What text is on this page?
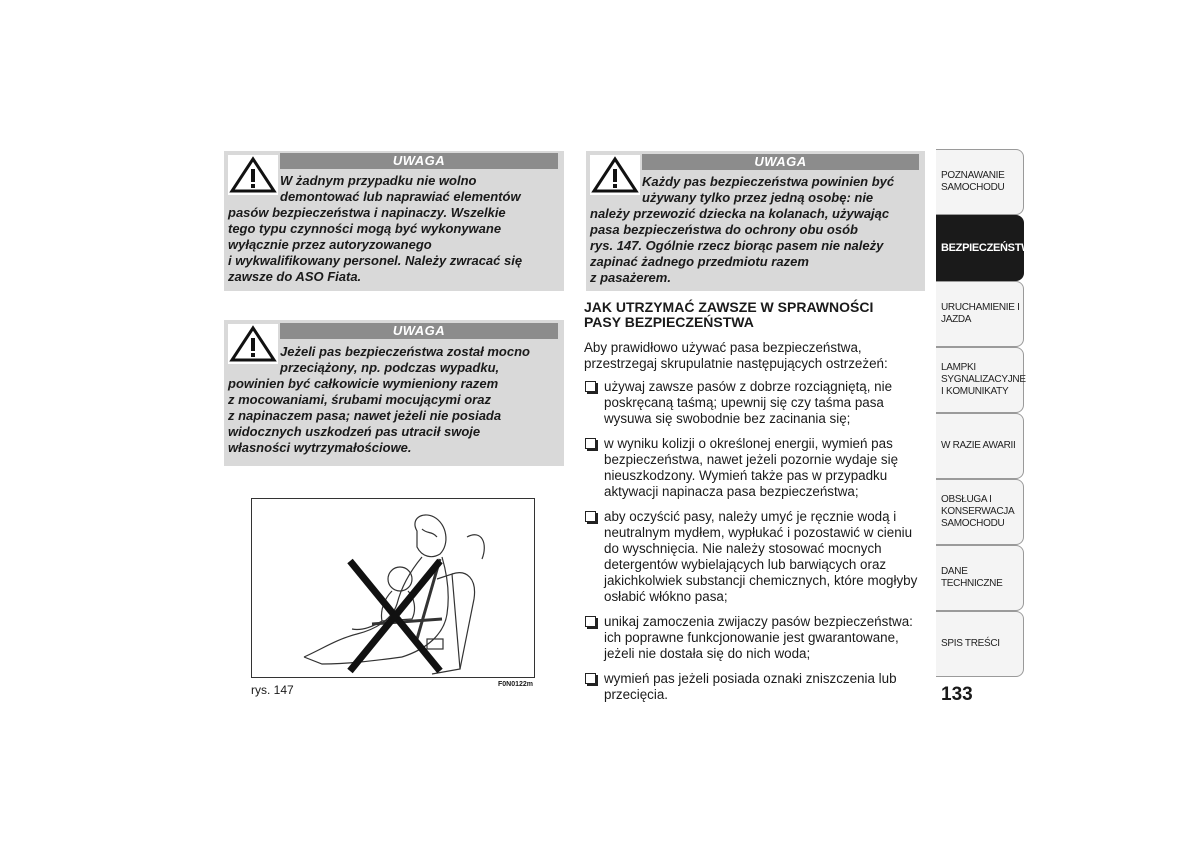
UWAGA
W żadnym przypadku nie wolno
demontować lub naprawiać elementów
pasów bezpieczeństwa i napinaczy. Wszelkie
tego typu czynności mogą być wykonywane
wyłącznie przez autoryzowanego
i wykwalifikowany personel. Należy zwracać się
zawsze do ASO Fiata.
UWAGA
Jeżeli pas bezpieczeństwa został mocno
przeciążony, np. podczas wypadku,
powinien być całkowicie wymieniony razem
z mocowaniami, śrubami mocującymi oraz
z napinaczem pasa; nawet jeżeli nie posiada
widocznych uszkodzeń pas utracił swoje
własności wytrzymałościowe.
UWAGA
Każdy pas bezpieczeństwa powinien być
używany tylko przez jedną osobę: nie
należy przewozić dziecka na kolanach, używając
pasa bezpieczeństwa do ochrony obu osób
rys. 147. Ogólnie rzecz biorąc pasem nie należy
zapinać żadnego przedmiotu razem
z pasażerem.
rys. 147	F0N0122m
JAK UTRZYMAĆ ZAWSZE W SPRAWNOŚCI PASY BEZPIECZEŃSTWA
Aby prawidłowo używać pasa bezpieczeństwa, przestrzegaj skrupulatnie następujących ostrzeżeń:
używaj zawsze pasów z dobrze rozciągniętą, nie poskręcaną taśmą; upewnij się czy taśma pasa wysuwa się swobodnie bez zacinania się;
w wyniku kolizji o określonej energii, wymień pas bezpieczeństwa, nawet jeżeli pozornie wydaje się nieuszkodzony. Wymień także pas w przypadku aktywacji napinacza pasa bezpieczeństwa;
aby oczyścić pasy, należy umyć je ręcznie wodą i neutralnym mydłem, wypłukać i pozostawić w cieniu do wyschnięcia. Nie należy stosować mocnych detergentów wybielających lub barwiących oraz jakichkolwiek substancji chemicznych, które mogłyby osłabić włókno pasa;
unikaj zamoczenia zwijaczy pasów bezpieczeństwa: ich poprawne funkcjonowanie jest gwarantowane, jeżeli nie dostała się do nich woda;
wymień pas jeżeli posiada oznaki zniszczenia lub przecięcia.
POZNAWANIE SAMOCHODU
BEZPIECZEŃSTWO
URUCHAMIENIE I JAZDA
LAMPKI SYGNALIZACYJNE I KOMUNIKATY
W RAZIE AWARII
OBSŁUGA I KONSERWACJA SAMOCHODU
DANE TECHNICZNE
SPIS TREŚCI
133
